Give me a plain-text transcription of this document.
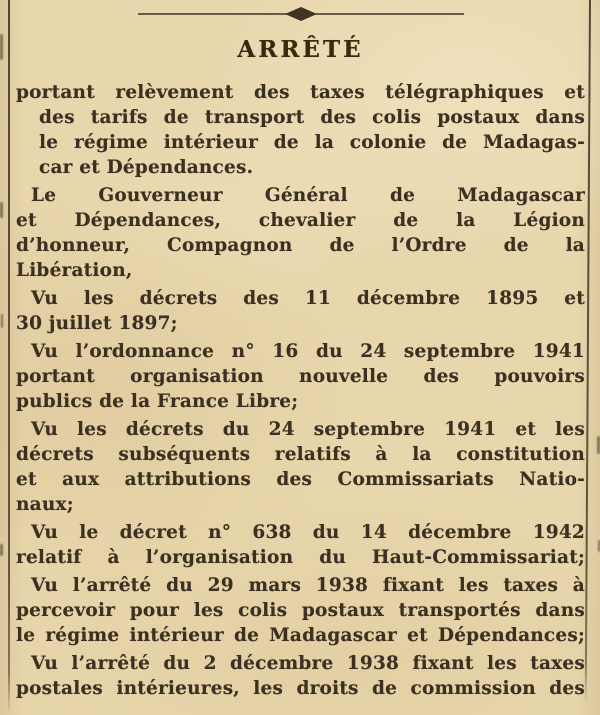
ARRÊTÉ
portant relèvement des taxes télégraphiques et
des tarifs de transport des colis postaux dans
le régime intérieur de la colonie de Madagas-
car et Dépendances.
Le Gouverneur Général de Madagascar
et Dépendances, chevalier de la Légion
d’honneur, Compagnon de l’Ordre de la
Libération,
Vu les décrets des 11 décembre 1895 et
30 juillet 1897;
Vu l’ordonnance n° 16 du 24 septembre 1941
portant organisation nouvelle des pouvoirs
publics de la France Libre;
Vu les décrets du 24 septembre 1941 et les
décrets subséquents relatifs à la constitution
et aux attributions des Commissariats Natio-
naux;
Vu le décret n° 638 du 14 décembre 1942
relatif à l’organisation du Haut-Commissariat;
Vu l’arrêté du 29 mars 1938 fixant les taxes à
percevoir pour les colis postaux transportés dans
le régime intérieur de Madagascar et Dépendances;
Vu l’arrêté du 2 décembre 1938 fixant les taxes
postales intérieures, les droits de commission des
